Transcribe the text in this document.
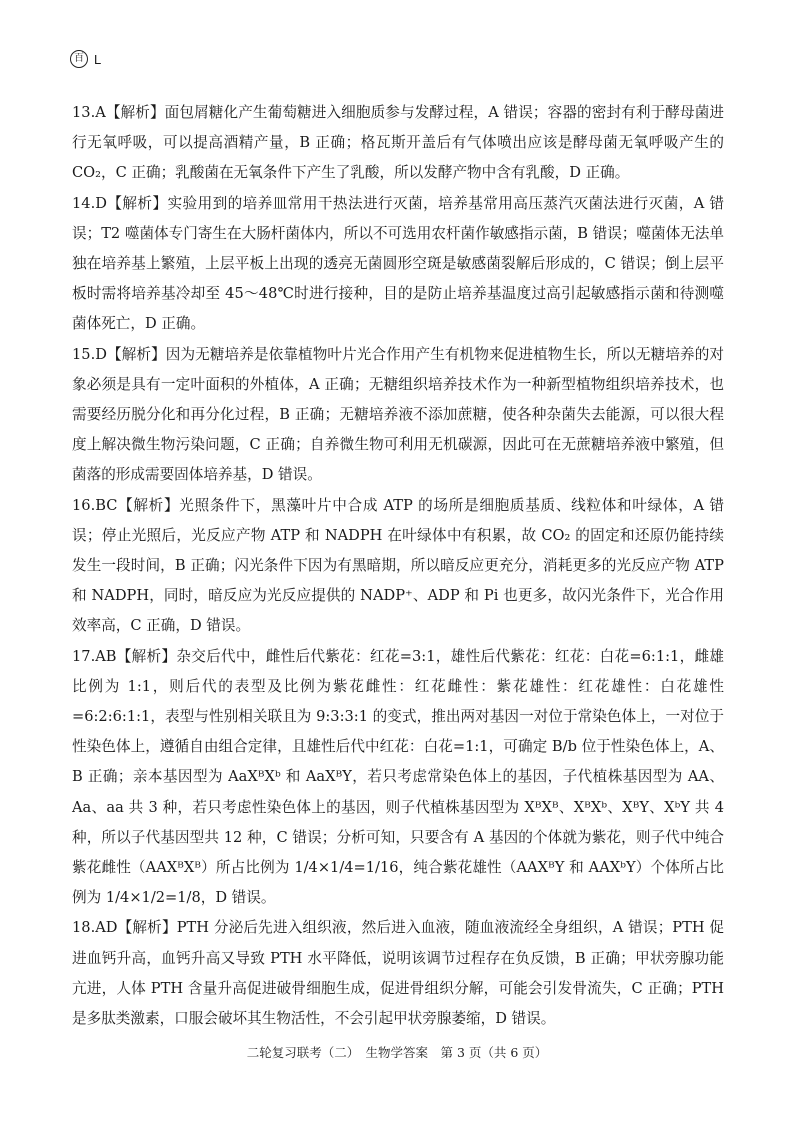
百 L

13.A【解析】面包屑糖化产生葡萄糖进入细胞质参与发酵过程，A 错误；容器的密封有利于酵母菌进行无氧呼吸，可以提高酒精产量，B 正确；格瓦斯开盖后有气体喷出应该是酵母菌无氧呼吸产生的CO₂，C 正确；乳酸菌在无氧条件下产生了乳酸，所以发酵产物中含有乳酸，D 正确。

14.D【解析】实验用到的培养皿常用干热法进行灭菌，培养基常用高压蒸汽灭菌法进行灭菌，A 错误；T2 噬菌体专门寄生在大肠杆菌体内，所以不可选用农杆菌作敏感指示菌，B 错误；噬菌体无法单独在培养基上繁殖，上层平板上出现的透亮无菌圆形空斑是敏感菌裂解后形成的，C 错误；倒上层平板时需将培养基冷却至 45～48℃时进行接种，目的是防止培养基温度过高引起敏感指示菌和待测噬菌体死亡，D 正确。

15.D【解析】因为无糖培养是依靠植物叶片光合作用产生有机物来促进植物生长，所以无糖培养的对象必须是具有一定叶面积的外植体，A 正确；无糖组织培养技术作为一种新型植物组织培养技术，也需要经历脱分化和再分化过程，B 正确；无糖培养液不添加蔗糖，使各种杂菌失去能源，可以很大程度上解决微生物污染问题，C 正确；自养微生物可利用无机碳源，因此可在无蔗糖培养液中繁殖，但菌落的形成需要固体培养基，D 错误。

16.BC【解析】光照条件下，黑藻叶片中合成 ATP 的场所是细胞质基质、线粒体和叶绿体，A 错误；停止光照后，光反应产物 ATP 和 NADPH 在叶绿体中有积累，故 CO₂ 的固定和还原仍能持续发生一段时间，B 正确；闪光条件下因为有黑暗期，所以暗反应更充分，消耗更多的光反应产物 ATP 和 NADPH，同时，暗反应为光反应提供的 NADP⁺、ADP 和 Pi 也更多，故闪光条件下，光合作用效率高，C 正确，D 错误。

17.AB【解析】杂交后代中，雌性后代紫花：红花=3:1，雄性后代紫花：红花：白花=6:1:1，雌雄比例为 1:1，则后代的表型及比例为紫花雌性：红花雌性：紫花雄性：红花雄性：白花雄性=6:2:6:1:1，表型与性别相关联且为 9:3:3:1 的变式，推出两对基因一对位于常染色体上，一对位于性染色体上，遵循自由组合定律，且雄性后代中红花：白花=1:1，可确定 B/b 位于性染色体上，A、B 正确；亲本基因型为 AaXᴮXᵇ 和 AaXᴮY，若只考虑常染色体上的基因，子代植株基因型为 AA、Aa、aa 共 3 种，若只考虑性染色体上的基因，则子代植株基因型为 XᴮXᴮ、XᴮXᵇ、XᴮY、XᵇY 共 4 种，所以子代基因型共 12 种，C 错误；分析可知，只要含有 A 基因的个体就为紫花，则子代中纯合紫花雌性（AAXᴮXᴮ）所占比例为 1/4×1/4=1/16，纯合紫花雄性（AAXᴮY 和 AAXᵇY）个体所占比例为 1/4×1/2=1/8，D 错误。

18.AD【解析】PTH 分泌后先进入组织液，然后进入血液，随血液流经全身组织，A 错误；PTH 促进血钙升高，血钙升高又导致 PTH 水平降低，说明该调节过程存在负反馈，B 正确；甲状旁腺功能亢进，人体 PTH 含量升高促进破骨细胞生成，促进骨组织分解，可能会引发骨流失，C 正确；PTH 是多肽类激素，口服会破坏其生物活性，不会引起甲状旁腺萎缩，D 错误。

二轮复习联考（二）　生物学答案　第 3 页（共 6 页）
